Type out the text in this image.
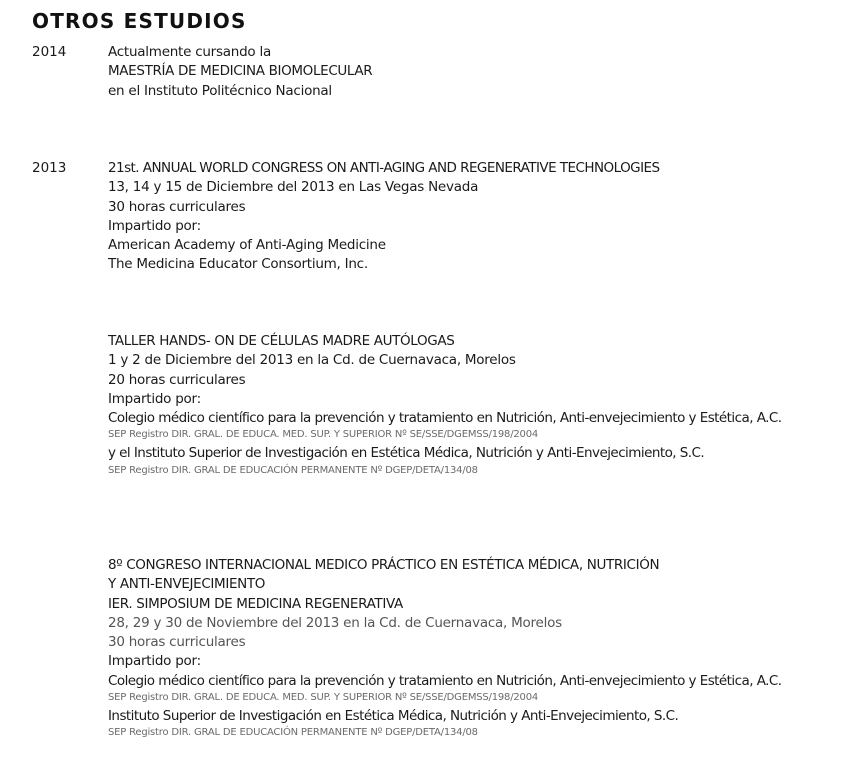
OTROS ESTUDIOS
2014	Actualmente cursando la
MAESTRÍA DE MEDICINA BIOMOLECULAR
en el Instituto Politécnico Nacional
2013	21st. ANNUAL WORLD CONGRESS ON ANTI-AGING AND REGENERATIVE TECHNOLOGIES
13, 14 y 15 de Diciembre del 2013 en Las Vegas Nevada
30 horas curriculares
Impartido por:
American Academy of Anti-Aging Medicine
The Medicina Educator Consortium, Inc.
TALLER HANDS- ON DE CÉLULAS MADRE AUTÓLOGAS
1 y 2 de Diciembre del 2013 en la Cd. de Cuernavaca, Morelos
20 horas curriculares
Impartido por:
Colegio médico científico para la prevención y tratamiento en Nutrición, Anti-envejecimiento y Estética, A.C.
SEP Registro DIR. GRAL. DE EDUCA. MED. SUP. Y SUPERIOR Nº SE/SSE/DGEMSS/198/2004
y el Instituto Superior de Investigación en Estética Médica, Nutrición y Anti-Envejecimiento, S.C.
SEP Registro DIR. GRAL DE EDUCACIÓN PERMANENTE Nº DGEP/DETA/134/08
8º CONGRESO INTERNACIONAL MEDICO PRÁCTICO EN ESTÉTICA MÉDICA, NUTRICIÓN
Y ANTI-ENVEJECIMIENTO
IER. SIMPOSIUM DE MEDICINA REGENERATIVA
28, 29 y 30 de Noviembre del 2013 en la Cd. de Cuernavaca, Morelos
30 horas curriculares
Impartido por:
Colegio médico científico para la prevención y tratamiento en Nutrición, Anti-envejecimiento y Estética, A.C.
SEP Registro DIR. GRAL. DE EDUCA. MED. SUP. Y SUPERIOR Nº SE/SSE/DGEMSS/198/2004
Instituto Superior de Investigación en Estética Médica, Nutrición y Anti-Envejecimiento, S.C.
SEP Registro DIR. GRAL DE EDUCACIÓN PERMANENTE Nº DGEP/DETA/134/08
